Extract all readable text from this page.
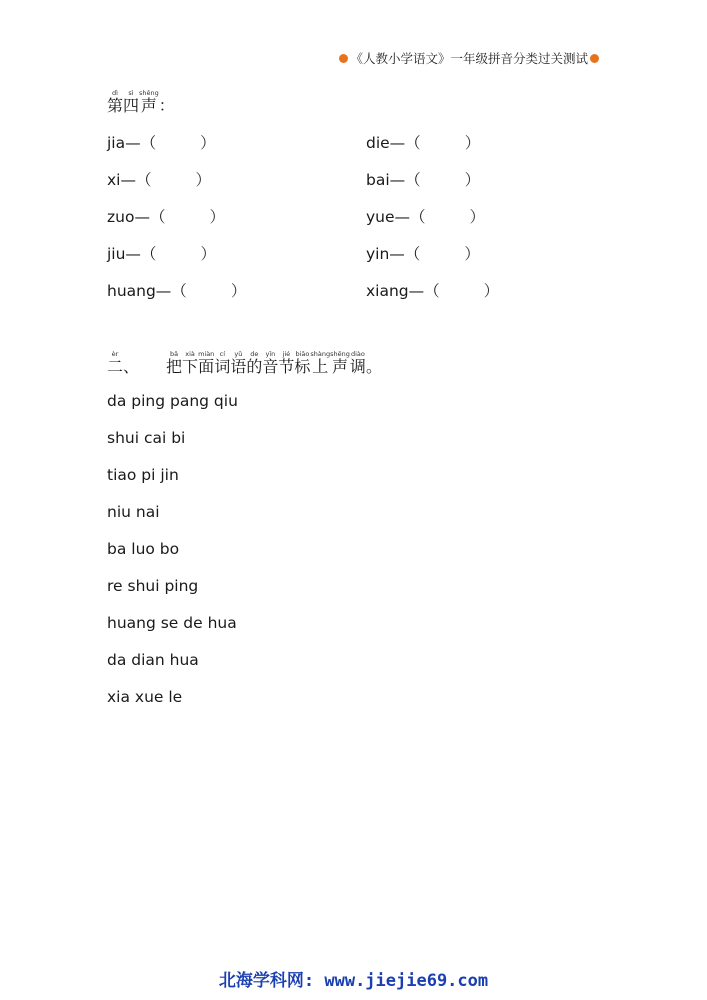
《人教小学语文》一年级拼音分类过关测试
dì
第
sì
四
shēng
声 ：
jia—（	）	die—（	）
xi—（	）	bai—（	）
zuo—（	）	yue—（	）
jiu—（	）	yin—（	）
huang—（	）	xiang—（	）
èr
二 、
bǎ
把
xià
下
miàn
面
cí
词
yǔ
语
de
的
yīn
音
jié
节
biāo
标
shàng
上
shēng
声
diào
调 。
da ping pang qiu
shui cai bi
tiao pi jin
niu nai
ba luo bo
re shui ping
huang se de hua
da dian hua
xia xue le
北海学科网: www.jiejie69.com
